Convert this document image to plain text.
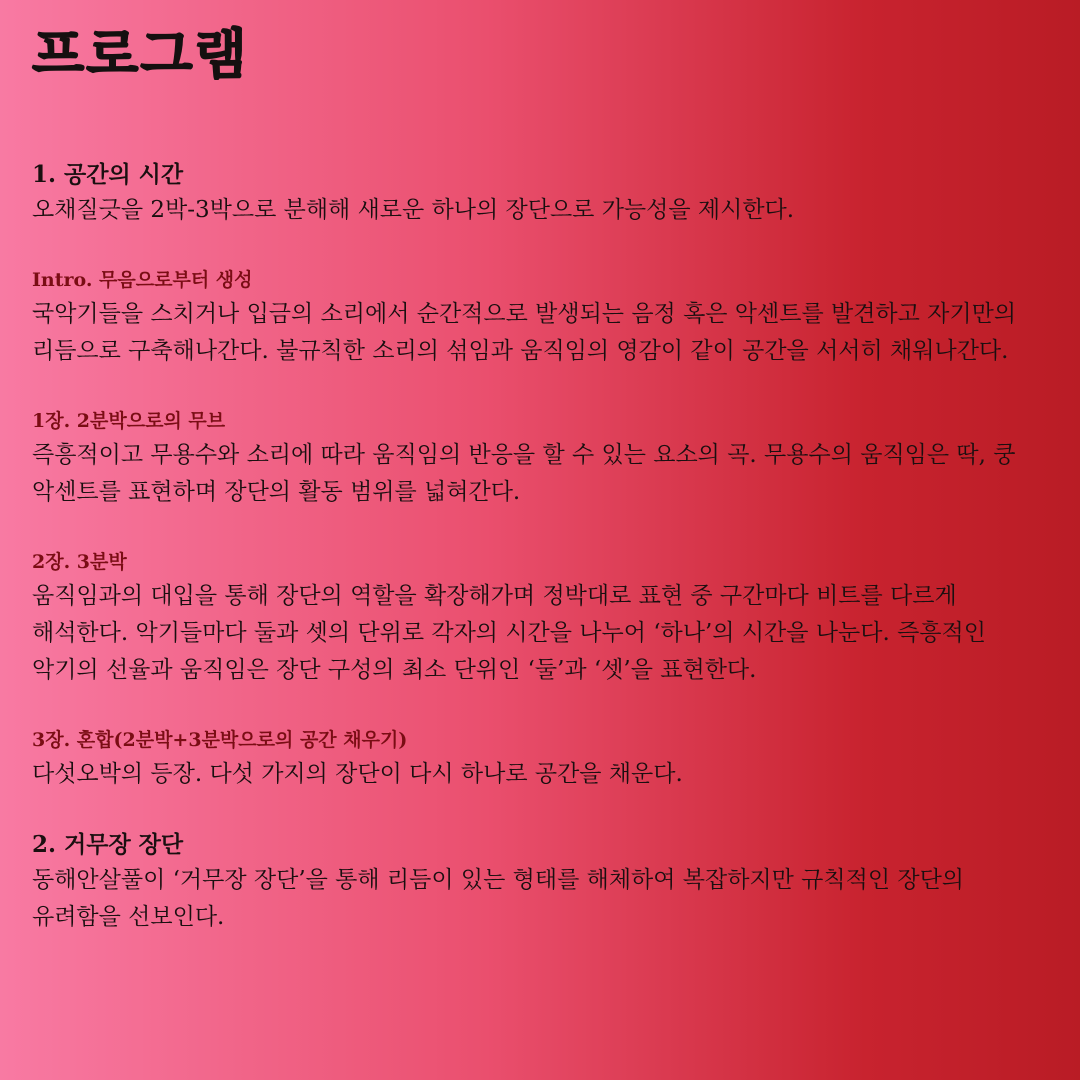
프로그램
1. 공간의 시간

오채질긋을 2박-3박으로 분해해 새로운 하나의 장단으로 가능성을 제시한다.

Intro. 무음으로부터 생성

국악기들을 스치거나 입금의 소리에서 순간적으로 발생되는 음정 혹은 악센트를 발견하고 자기만의 리듬으로 구축해나간다. 불규칙한 소리의 섞임과 움직임의 영감이 같이 공간을 서서히 채워나간다.

1장. 2분박으로의 무브

즉흥적이고 무용수와 소리에 따라 움직임의 반응을 할 수 있는 요소의 곡. 무용수의 움직임은 딱, 쿵 악센트를 표현하며 장단의 활동 범위를 넓혀간다.

2장. 3분박

움직임과의 대입을 통해 장단의 역할을 확장해가며 정박대로 표현 중 구간마다 비트를 다르게 해석한다. 악기들마다 둘과 셋의 단위로 각자의 시간을 나누어 ‘하나’의 시간을 나눈다. 즉흥적인 악기의 선율과 움직임은 장단 구성의 최소 단위인 ‘둘’과 ‘셋’을 표현한다.

3장. 혼합(2분박+3분박으로의 공간 채우기)

다섯오박의 등장. 다섯 가지의 장단이 다시 하나로 공간을 채운다.

2. 거무장 장단

동해안살풀이 ‘거무장 장단’을 통해 리듬이 있는 형태를 해체하여 복잡하지만 규칙적인 장단의 유려함을 선보인다.
